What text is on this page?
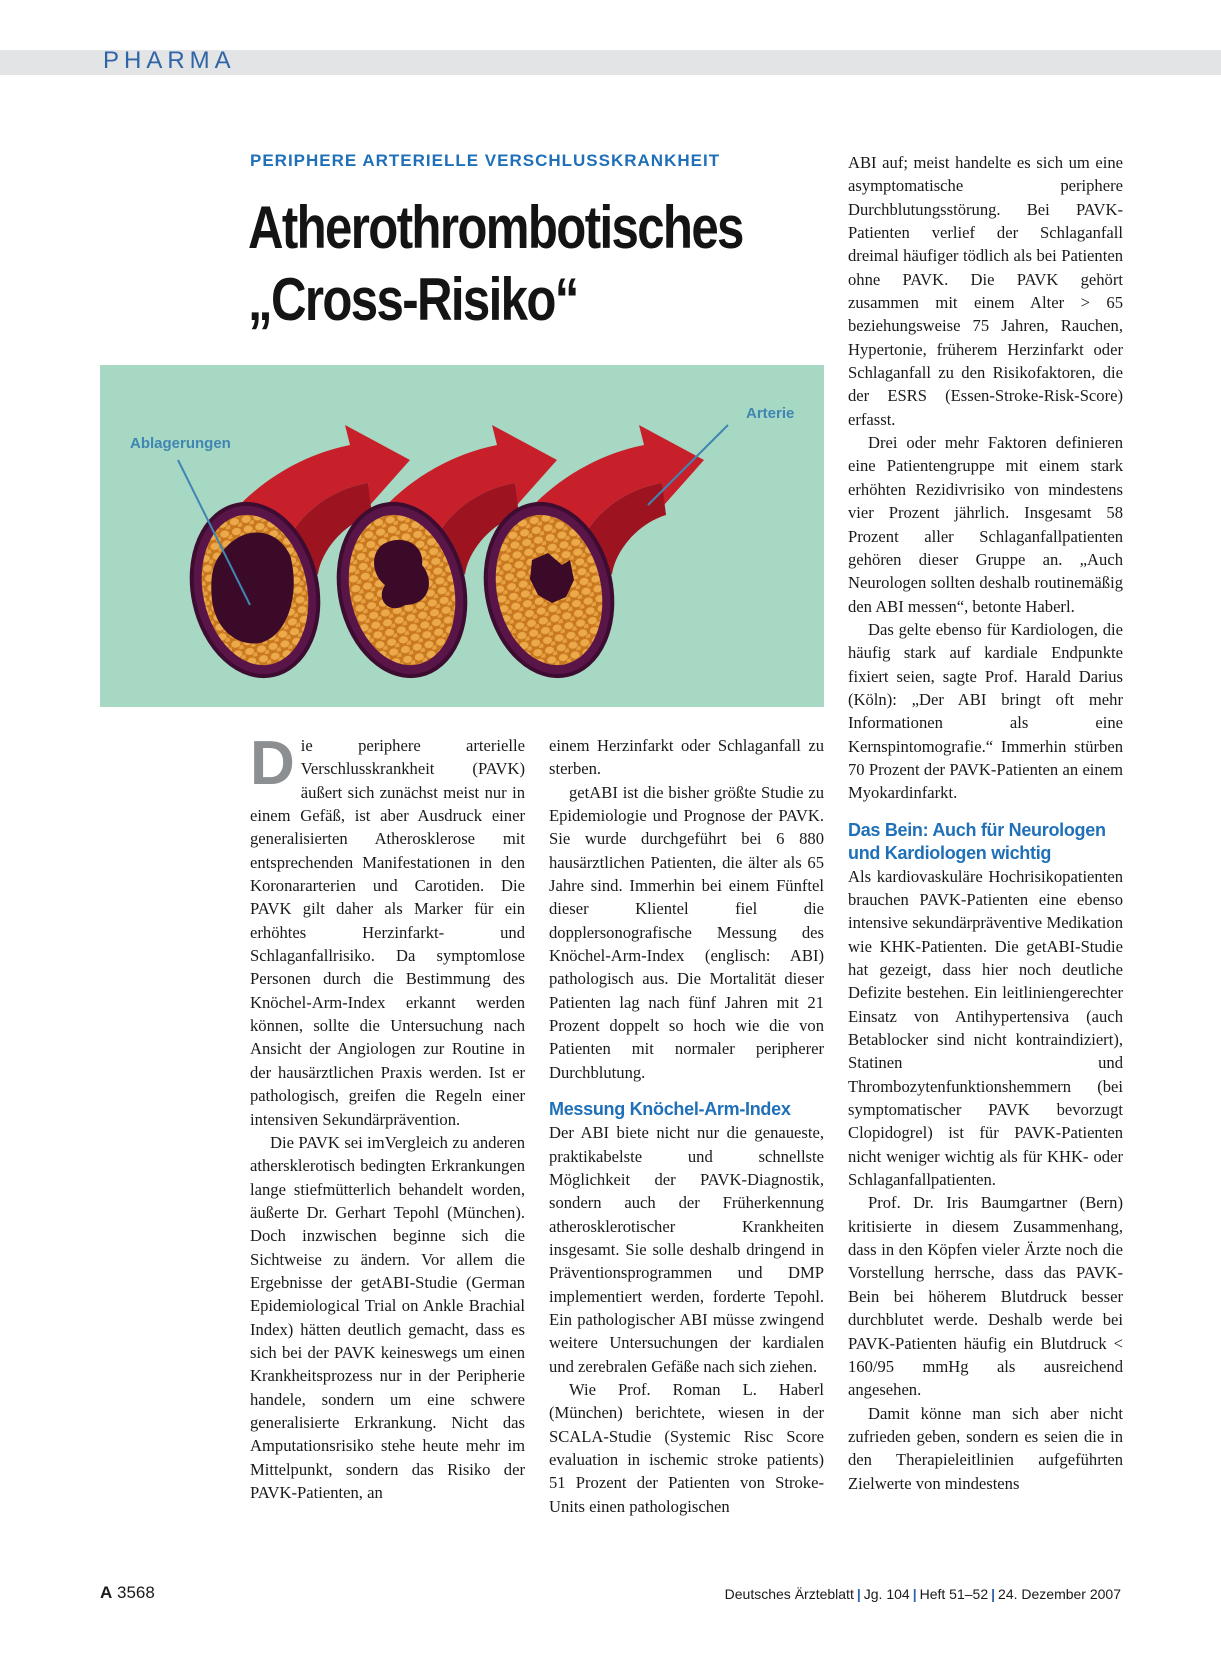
PHARMA
PERIPHERE ARTERIELLE VERSCHLUSSKRANKHEIT
Atherothrombotisches
„Cross-Risiko“
Ablagerungen
Arterie

Die periphere arterielle Verschlusskrankheit (PAVK) äußert sich zunächst meist nur in einem Gefäß, ist aber Ausdruck einer generalisierten Atherosklerose mit entsprechenden Manifestationen in den Koronararterien und Carotiden. Die PAVK gilt daher als Marker für ein erhöhtes Herzinfarkt- und Schlaganfallrisiko. Da symptomlose Personen durch die Bestimmung des Knöchel-Arm-Index erkannt werden können, sollte die Untersuchung nach Ansicht der Angiologen zur Routine in der hausärztlichen Praxis werden. Ist er pathologisch, greifen die Regeln einer intensiven Sekundärprävention.

Die PAVK sei imVergleich zu anderen athersklerotisch bedingten Erkrankungen lange stiefmütterlich behandelt worden, äußerte Dr. Gerhart Tepohl (München). Doch inzwischen beginne sich die Sichtweise zu ändern. Vor allem die Ergebnisse der getABI-Studie (German Epidemiological Trial on Ankle Brachial Index) hätten deutlich gemacht, dass es sich bei der PAVK keineswegs um einen Krankheitsprozess nur in der Peripherie handele, sondern um eine schwere generalisierte Erkrankung. Nicht das Amputationsrisiko stehe heute mehr im Mittelpunkt, sondern das Risiko der PAVK-Patienten, an

einem Herzinfarkt oder Schlaganfall zu sterben.

getABI ist die bisher größte Studie zu Epidemiologie und Prognose der PAVK. Sie wurde durchgeführt bei 6 880 hausärztlichen Patienten, die älter als 65 Jahre sind. Immerhin bei einem Fünftel dieser Klientel fiel die dopplersonografische Messung des Knöchel-Arm-Index (englisch: ABI) pathologisch aus. Die Mortalität dieser Patienten lag nach fünf Jahren mit 21 Prozent doppelt so hoch wie die von Patienten mit normaler peripherer Durchblutung.

Messung Knöchel-Arm-Index

Der ABI biete nicht nur die genaueste, praktikabelste und schnellste Möglichkeit der PAVK-Diagnostik, sondern auch der Früherkennung atherosklerotischer Krankheiten insgesamt. Sie solle deshalb dringend in Präventionsprogrammen und DMP implementiert werden, forderte Tepohl. Ein pathologischer ABI müsse zwingend weitere Untersuchungen der kardialen und zerebralen Gefäße nach sich ziehen.

Wie Prof. Roman L. Haberl (München) berichtete, wiesen in der SCALA-Studie (Systemic Risc Score evaluation in ischemic stroke patients) 51 Prozent der Patienten von Stroke-Units einen pathologischen

ABI auf; meist handelte es sich um eine asymptomatische periphere Durchblutungsstörung. Bei PAVK-Patienten verlief der Schlaganfall dreimal häufiger tödlich als bei Patienten ohne PAVK. Die PAVK gehört zusammen mit einem Alter > 65 beziehungsweise 75 Jahren, Rauchen, Hypertonie, früherem Herzinfarkt oder Schlaganfall zu den Risikofaktoren, die der ESRS (Essen-Stroke-Risk-Score) erfasst.

Drei oder mehr Faktoren definieren eine Patientengruppe mit einem stark erhöhten Rezidivrisiko von mindestens vier Prozent jährlich. Insgesamt 58 Prozent aller Schlaganfallpatienten gehören dieser Gruppe an. „Auch Neurologen sollten deshalb routinemäßig den ABI messen“, betonte Haberl.

Das gelte ebenso für Kardiologen, die häufig stark auf kardiale Endpunkte fixiert seien, sagte Prof. Harald Darius (Köln): „Der ABI bringt oft mehr Informationen als eine Kernspintomografie.“ Immerhin stürben 70 Prozent der PAVK-Patienten an einem Myokardinfarkt.

Das Bein: Auch für Neurologen und Kardiologen wichtig

Als kardiovaskuläre Hochrisikopatienten brauchen PAVK-Patienten eine ebenso intensive sekundärpräventive Medikation wie KHK-Patienten. Die getABI-Studie hat gezeigt, dass hier noch deutliche Defizite bestehen. Ein leitliniengerechter Einsatz von Antihypertensiva (auch Betablocker sind nicht kontraindiziert), Statinen und Thrombozytenfunktionshemmern (bei symptomatischer PAVK bevorzugt Clopidogrel) ist für PAVK-Patienten nicht weniger wichtig als für KHK- oder Schlaganfallpatienten.

Prof. Dr. Iris Baumgartner (Bern) kritisierte in diesem Zusammenhang, dass in den Köpfen vieler Ärzte noch die Vorstellung herrsche, dass das PAVK-Bein bei höherem Blutdruck besser durchblutet werde. Deshalb werde bei PAVK-Patienten häufig ein Blutdruck < 160/95 mmHg als ausreichend angesehen.

Damit könne man sich aber nicht zufrieden geben, sondern es seien die in den Therapieleitlinien aufgeführten Zielwerte von mindestens

A 3568	Deutsches Ärzteblatt | Jg. 104 | Heft 51–52 | 24. Dezember 2007
